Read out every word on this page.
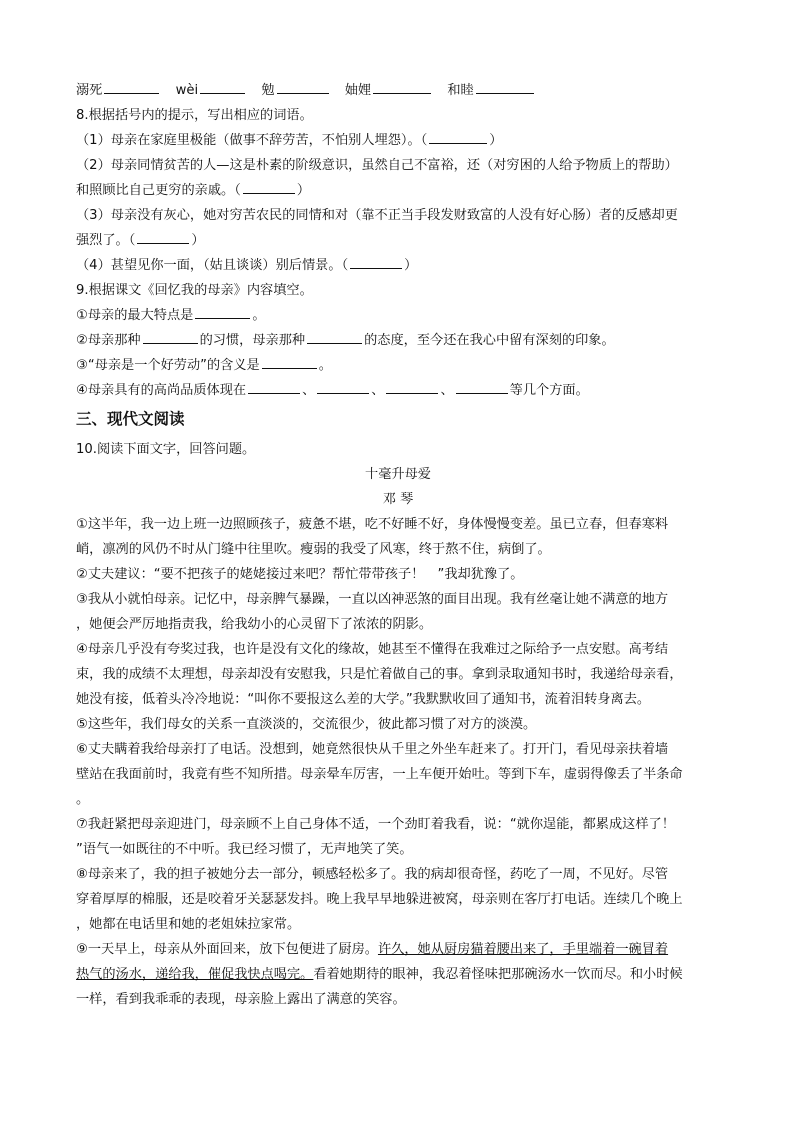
溺死	wèi	勉	妯娌	和睦
8.根据括号内的提示，写出相应的词语。
（1）母亲在家庭里极能（做事不辞劳苦，不怕别人埋怨）。（	）
（2）母亲同情贫苦的人—这是朴素的阶级意识，虽然自己不富裕，还（对穷困的人给予物质上的帮助）
和照顾比自己更穷的亲戚。（	）
（3）母亲没有灰心，她对穷苦农民的同情和对（靠不正当手段发财致富的人没有好心肠）者的反感却更
强烈了。（	）
（4）甚望见你一面，（姑且谈谈）别后情景。（	）
9.根据课文《回忆我的母亲》内容填空。
①母亲的最大特点是	。
②母亲那种	的习惯，母亲那种	的态度，至今还在我心中留有深刻的印象。
③“母亲是一个好劳动”的含义是	。
④母亲具有的高尚品质体现在	、	、	、	等几个方面。
三、现代文阅读
10.阅读下面文字，回答问题。
十毫升母爱
邓 琴
①这半年，我一边上班一边照顾孩子，疲惫不堪，吃不好睡不好，身体慢慢变差。虽已立春，但春寒料
峭，凛冽的风仍不时从门缝中往里吹。瘦弱的我受了风寒，终于熬不住，病倒了。
②丈夫建议：“要不把孩子的姥姥接过来吧？帮忙带带孩子！　”我却犹豫了。
③我从小就怕母亲。记忆中，母亲脾气暴躁，一直以凶神恶煞的面目出现。我有丝毫让她不满意的地方
，她便会严厉地指责我，给我幼小的心灵留下了浓浓的阴影。
④母亲几乎没有夸奖过我，也许是没有文化的缘故，她甚至不懂得在我难过之际给予一点安慰。高考结
束，我的成绩不太理想，母亲却没有安慰我，只是忙着做自己的事。拿到录取通知书时，我递给母亲看，
她没有接，低着头冷冷地说：“叫你不要报这么差的大学。”我默默收回了通知书，流着泪转身离去。
⑤这些年，我们母女的关系一直淡淡的，交流很少，彼此都习惯了对方的淡漠。
⑥丈夫瞒着我给母亲打了电话。没想到，她竟然很快从千里之外坐车赶来了。打开门，看见母亲扶着墙
壁站在我面前时，我竟有些不知所措。母亲晕车厉害，一上车便开始吐。等到下车，虚弱得像丢了半条命
。
⑦我赶紧把母亲迎进门，母亲顾不上自己身体不适，一个劲盯着我看，说：“就你逞能，都累成这样了！
”语气一如既往的不中听。我已经习惯了，无声地笑了笑。
⑧母亲来了，我的担子被她分去一部分，顿感轻松多了。我的病却很奇怪，药吃了一周，不见好。尽管
穿着厚厚的棉服，还是咬着牙关瑟瑟发抖。晚上我早早地躲进被窝，母亲则在客厅打电话。连续几个晚上
，她都在电话里和她的老姐妹拉家常。
⑨一天早上，母亲从外面回来，放下包便进了厨房。许久，她从厨房猫着腰出来了，手里端着一碗冒着
热气的汤水，递给我，催促我快点喝完。看着她期待的眼神，我忍着怪味把那碗汤水一饮而尽。和小时候
一样，看到我乖乖的表现，母亲脸上露出了满意的笑容。
